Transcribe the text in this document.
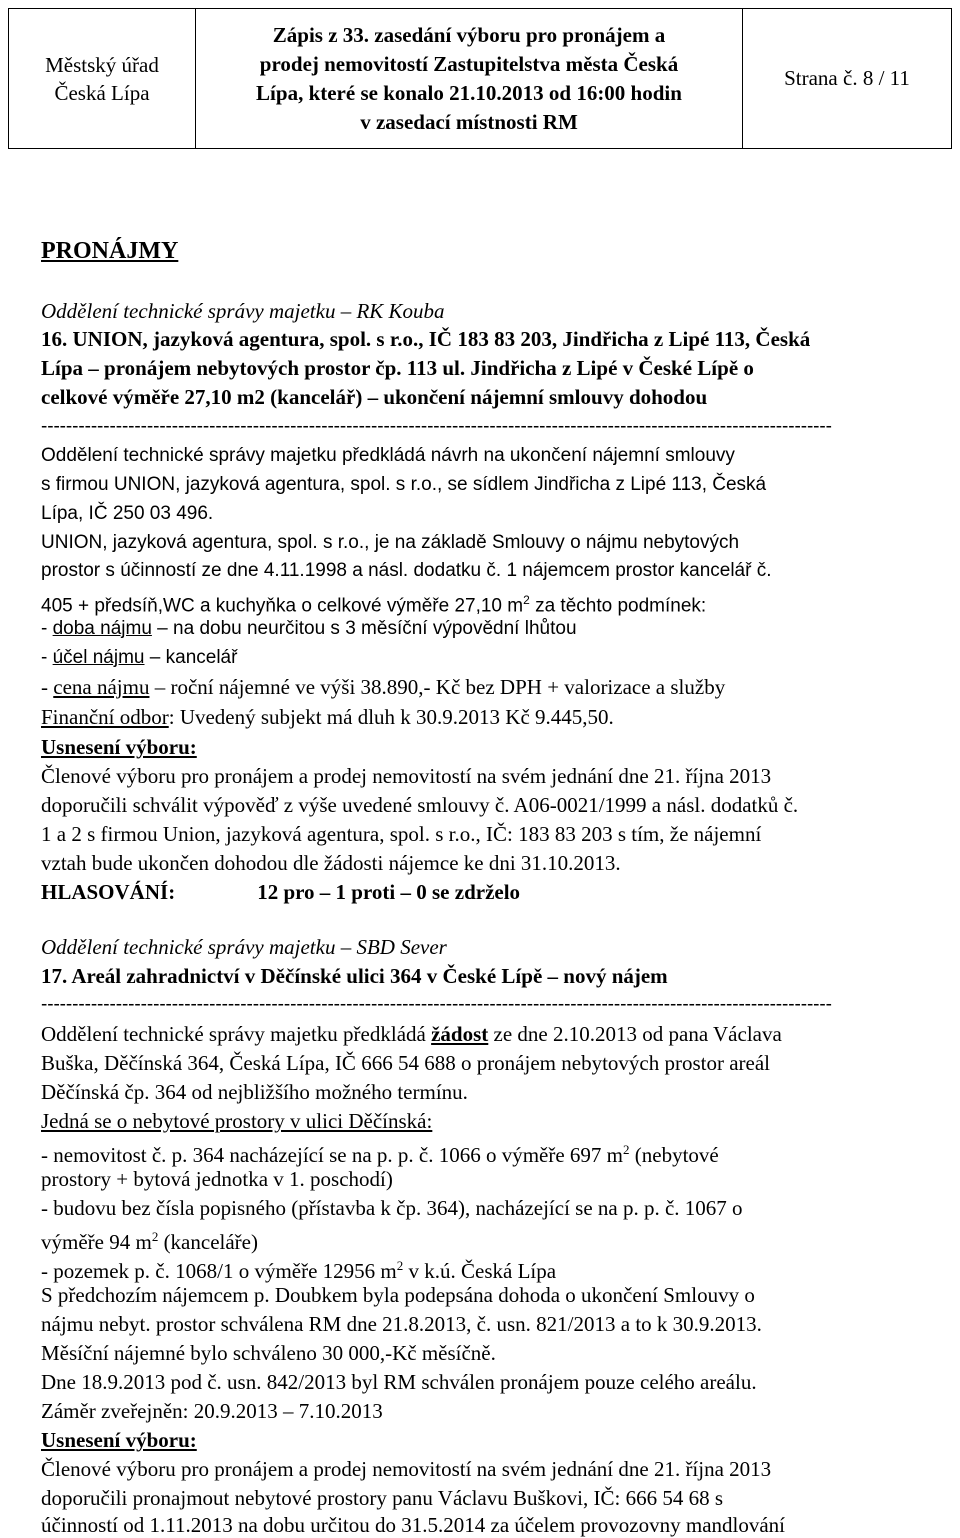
Městský úřad
Česká Lípa
Zápis z 33. zasedání výboru pro pronájem a
prodej nemovitostí Zastupitelstva města Česká
Lípa, které se konalo 21.10.2013 od 16:00 hodin
v zasedací místnosti RM
Strana č. 8 / 11
PRONÁJMY
Oddělení technické správy majetku – RK Kouba
16. UNION, jazyková agentura, spol. s r.o., IČ 183 83 203, Jindřicha z Lipé 113, Česká
Lípa – pronájem nebytových prostor čp. 113 ul. Jindřicha z Lipé v České Lípě o
celkové výměře 27,10 m2 (kancelář) – ukončení nájemní smlouvy dohodou
-------------------------------------------------------------------------------------------------------------------------------
Oddělení technické správy majetku předkládá návrh na ukončení nájemní smlouvy
s firmou UNION, jazyková agentura, spol. s r.o., se sídlem Jindřicha z Lipé 113, Česká
Lípa, IČ 250 03 496.
UNION, jazyková agentura, spol. s r.o., je na základě Smlouvy o nájmu nebytových
prostor s účinností ze dne 4.11.1998 a násl. dodatku č. 1 nájemcem prostor kancelář č.
405 + předsíň,WC a kuchyňka o celkové výměře 27,10 $m^2$ za těchto podmínek:
- doba nájmu – na dobu neurčitou s 3 měsíční výpovědní lhůtou
- účel nájmu – kancelář
- cena nájmu – roční nájemné ve výši 38.890,- Kč bez DPH + valorizace a služby
Finanční odbor: Uvedený subjekt má dluh k 30.9.2013 Kč 9.445,50.
Usnesení výboru:
Členové výboru pro pronájem a prodej nemovitostí na svém jednání dne 21. října 2013
doporučili schválit výpověď z výše uvedené smlouvy č. A06-0021/1999 a násl. dodatků č.
1 a 2 s firmou Union, jazyková agentura, spol. s r.o., IČ: 183 83 203 s tím, že nájemní
vztah bude ukončen dohodou dle žádosti nájemce ke dni 31.10.2013.
HLASOVÁNÍ:	12 pro – 1 proti – 0 se zdrželo
Oddělení technické správy majetku – SBD Sever
17. Areál zahradnictví v Děčínské ulici 364 v České Lípě – nový nájem
-------------------------------------------------------------------------------------------------------------------------------
Oddělení technické správy majetku předkládá žádost ze dne 2.10.2013 od pana Václava
Buška, Děčínská 364, Česká Lípa, IČ 666 54 688 o pronájem nebytových prostor areál
Děčínská čp. 364 od nejbližšího možného termínu.
Jedná se o nebytové prostory v ulici Děčínská:
- nemovitost č. p. 364 nacházející se na p. p. č. 1066 o výměře 697 $m^2$ (nebytové
prostory + bytová jednotka v 1. poschodí)
- budovu bez čísla popisného (přístavba k čp. 364), nacházející se na p. p. č. 1067 o
výměře 94 $m^2$ (kanceláře)
- pozemek p. č. 1068/1 o výměře 12956 $m^2$ v k.ú. Česká Lípa
S předchozím nájemcem p. Doubkem byla podepsána dohoda o ukončení Smlouvy o
nájmu nebyt. prostor schválena RM dne 21.8.2013, č. usn. 821/2013 a to k 30.9.2013.
Měsíční nájemné bylo schváleno 30 000,-Kč měsíčně.
Dne 18.9.2013 pod č. usn. 842/2013 byl RM schválen pronájem pouze celého areálu.
Záměr zveřejněn: 20.9.2013 – 7.10.2013
Usnesení výboru:
Členové výboru pro pronájem a prodej nemovitostí na svém jednání dne 21. října 2013
doporučili pronajmout nebytové prostory panu Václavu Buškovi, IČ: 666 54 68 s
účinností od 1.11.2013 na dobu určitou do 31.5.2014 za účelem provozovny mandlování
